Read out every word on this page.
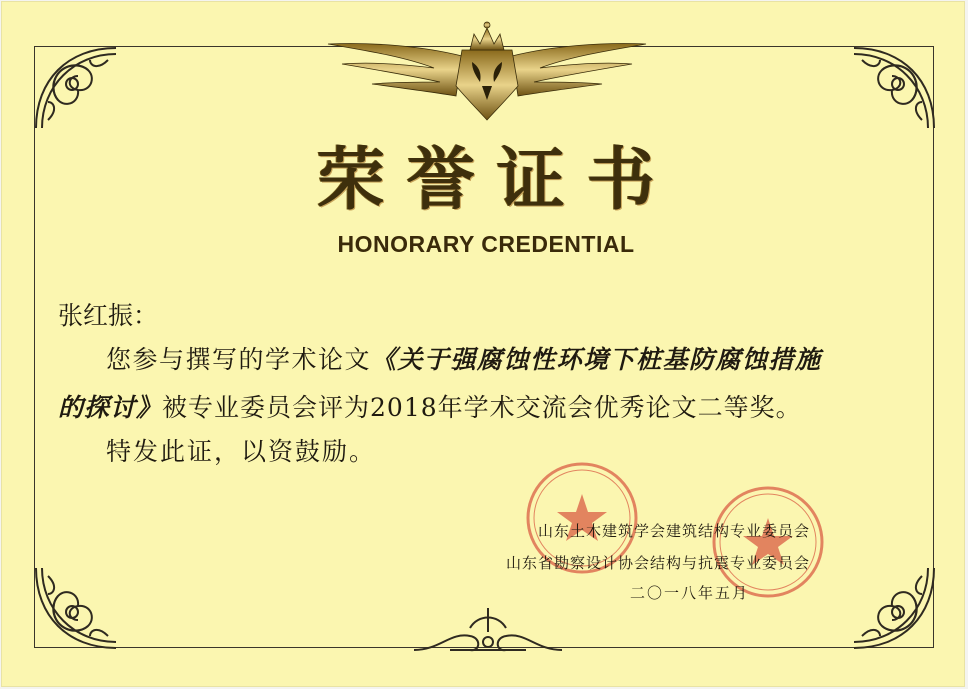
荣誉证书
HONORARY CREDENTIAL
张红振：
您参与撰写的学术论文《关于强腐蚀性环境下桩基防腐蚀措施
的探讨》被专业委员会评为2018年学术交流会优秀论文二等奖。
特发此证，以资鼓励。
山东土木建筑学会建筑结构专业委员会
山东省勘察设计协会结构与抗震专业委员会
二〇一八年五月
